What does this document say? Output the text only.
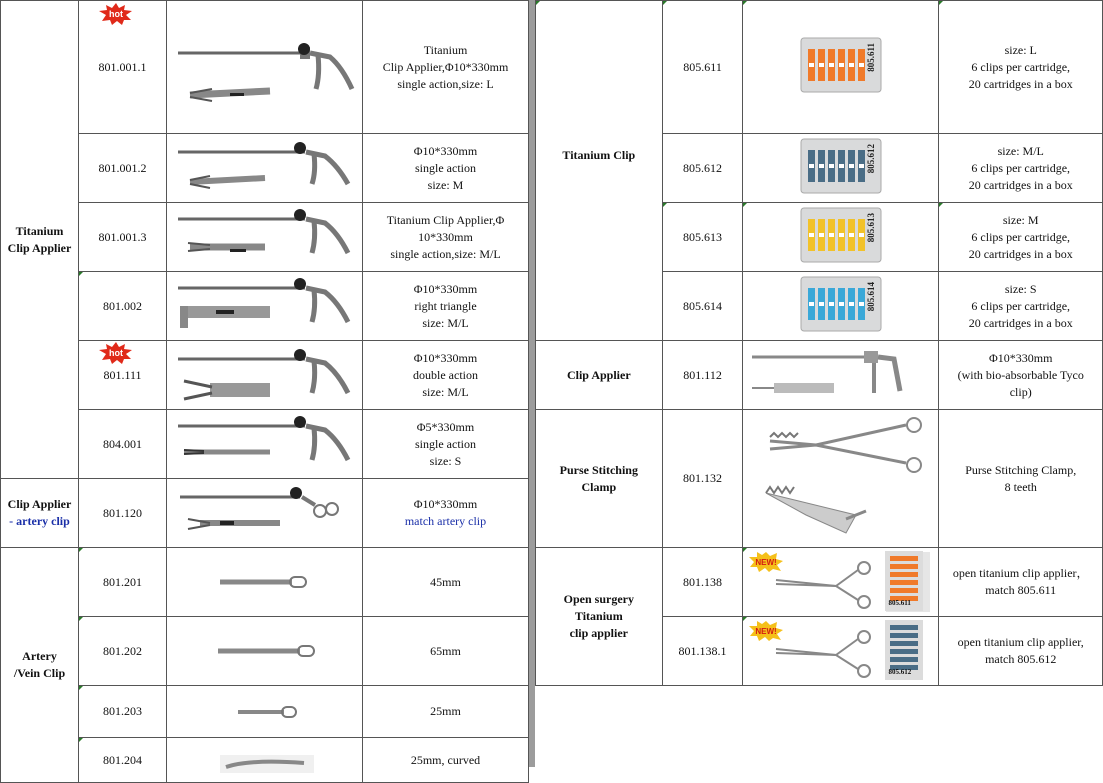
Titanium
Clip Applier	hot
801.001.1		Titanium
Clip Applier,Φ10*330mm
single action,size: L
	801.001.2		Φ10*330mm
single action
size: M
	801.001.3		Titanium Clip Applier,Φ
10*330mm
single action,size: M/L
	801.002		Φ10*330mm
right triangle
size: M/L

hot
801.111		Φ10*330mm
double action
size: M/L
	804.001		Φ5*330mm
single action
size: S
Clip Applier
- artery clip	801.120		Φ10*330mm
match artery clip
Artery
/Vein Clip	801.201		45mm
	801.202		65mm
	801.203		25mm
	801.204		25mm, curved
Titanium Clip	805.611	805.611	size: L
6 clips per cartridge,
20 cartridges in a box
	805.612	805.612	size: M/L
6 clips per cartridge,
20 cartridges in a box
	805.613	805.613	size: M
6 clips per cartridge,
20 cartridges in a box
	805.614	805.614	size: S
6 clips per cartridge,
20 cartridges in a box
Clip Applier	801.112		Φ10*330mm
(with bio-absorbable Tyco
clip)
Purse Stitching
Clamp	801.132		Purse Stitching Clamp,
8 teeth
Open surgery
Titanium
clip applier	801.138	NEW!
805.611	open titanium clip applier，
match 805.611
	801.138.1	NEW!
805.612	open titanium clip applier,
match 805.612
